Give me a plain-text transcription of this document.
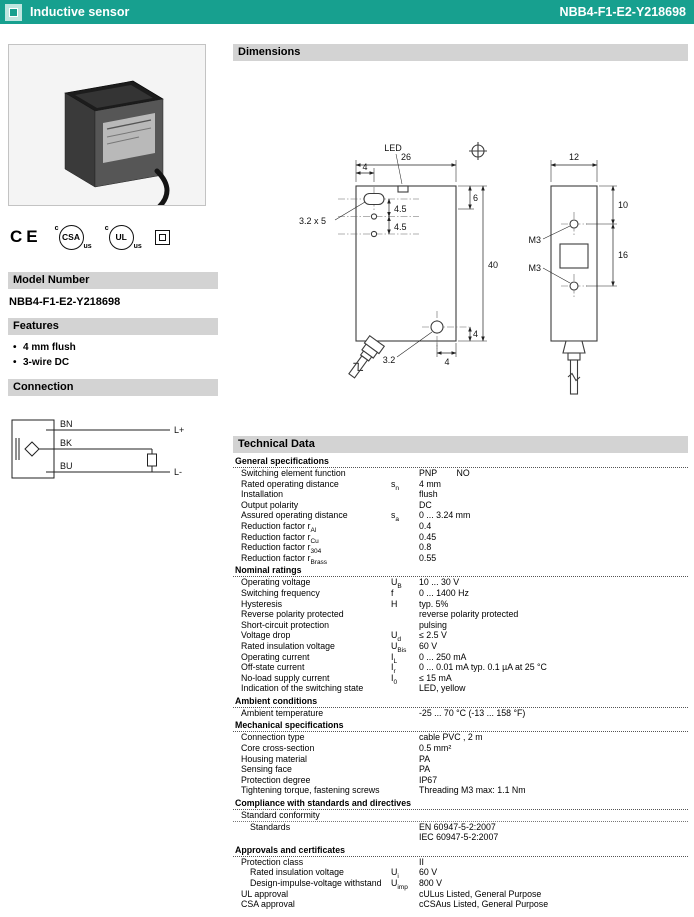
Inductive sensor	NBB4-F1-E2-Y218698
CE c
CSA
us
c
UL
us
Model Number
NBB4-F1-E2-Y218698
Features
• 4 mm flush
• 3-wire DC
Connection
BN
BK
BU
L+
L-
Dimensions
26
4
LED
3.2 x 5
4.5
4.5
40
6
4
3.2	4
12
10
16
M3
M3
Technical Data
General specifications
Switching element function	PNP        NO
Rated operating distance	$s_n$	4 mm
Installation	flush
Output polarity	DC
Assured operating distance	$s_a$	0 ... 3.24 mm
Reduction factor $r_{Al}$	0.4
Reduction factor $r_{Cu}$	0.45
Reduction factor $r_{304}$	0.8
Reduction factor $r_{Brass}$	0.55
Nominal ratings
Operating voltage	$U_B$	10 ... 30 V
Switching frequency	f	0 ... 1400 Hz
Hysteresis	H	typ. 5%
Reverse polarity protected	reverse polarity protected
Short-circuit protection	pulsing
Voltage drop	$U_d$	≤ 2.5 V
Rated insulation voltage	$U_{Bis}$	60 V
Operating current	$I_L$	0 ... 250 mA
Off-state current	$I_r$	0 ... 0.01 mA typ. 0.1 µA at 25 °C
No-load supply current	$I_0$	≤ 15 mA
Indication of the switching state	LED, yellow
Ambient conditions
Ambient temperature	-25 ... 70 °C (-13 ... 158 °F)
Mechanical specifications
Connection type	cable PVC , 2 m
Core cross-section	0.5 mm²
Housing material	PA
Sensing face	PA
Protection degree	IP67
Tightening torque, fastening screws	Threading M3 max: 1.1 Nm
Compliance with standards and directives
Standard conformity
Standards	EN 60947-5-2:2007
IEC 60947-5-2:2007
Approvals and certificates
Protection class	II
Rated insulation voltage	$U_i$	60 V
Design-impulse-voltage withstand	$U_{imp}$	800 V
UL approval	cULus Listed, General Purpose
CSA approval	cCSAus Listed, General Purpose
